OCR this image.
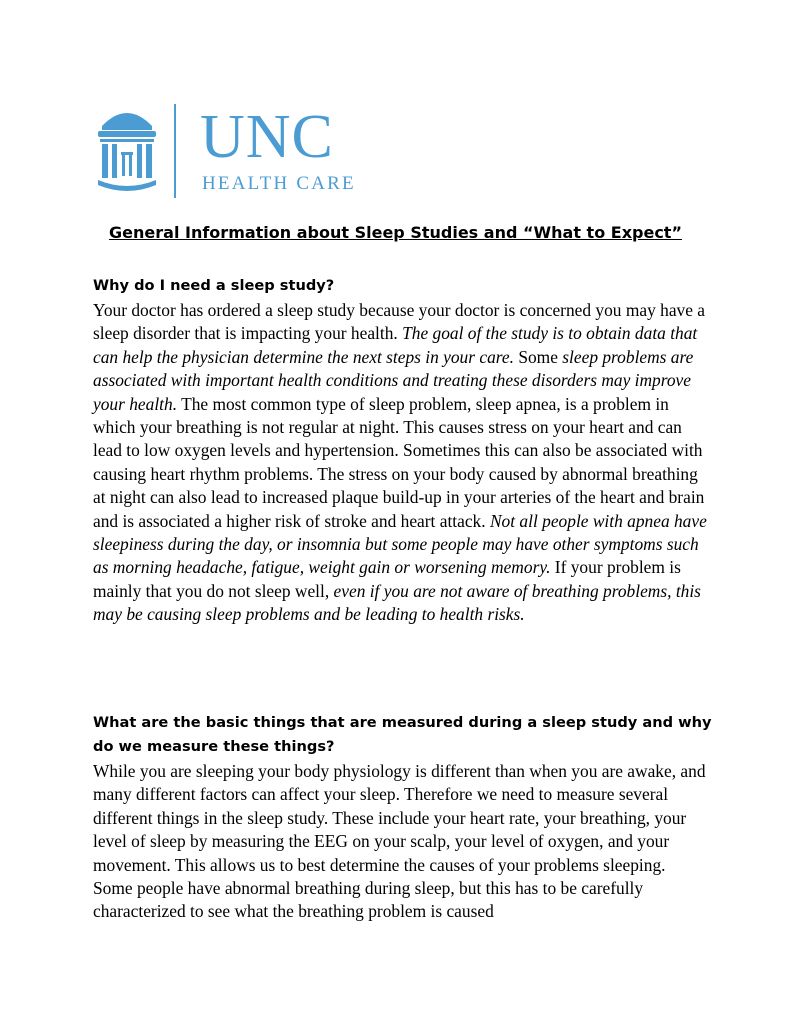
UNC
HEALTH CARE
General Information about Sleep Studies and “What to Expect”
Why do I need a sleep study?

Your doctor has ordered a sleep study because your doctor is concerned you may have a sleep disorder that is impacting your health. The goal of the study is to obtain data that can help the physician determine the next steps in your care. Some sleep problems are associated with important health conditions and treating these disorders may improve your health. The most common type of sleep problem, sleep apnea, is a problem in which your breathing is not regular at night. This causes stress on your heart and can lead to low oxygen levels and hypertension. Sometimes this can also be associated with causing heart rhythm problems. The stress on your body caused by abnormal breathing at night can also lead to increased plaque build-up in your arteries of the heart and brain and is associated a higher risk of stroke and heart attack. Not all people with apnea have sleepiness during the day, or insomnia but some people may have other symptoms such as morning headache, fatigue, weight gain or worsening memory. If your problem is mainly that you do not sleep well, even if you are not aware of breathing problems, this may be causing sleep problems and be leading to health risks.

What are the basic things that are measured during a sleep study and why do we measure these things?

While you are sleeping your body physiology is different than when you are awake, and many different factors can affect your sleep. Therefore we need to measure several different things in the sleep study. These include your heart rate, your breathing, your level of sleep by measuring the EEG on your scalp, your level of oxygen, and your movement. This allows us to best determine the causes of your problems sleeping. Some people have abnormal breathing during sleep, but this has to be carefully characterized to see what the breathing problem is caused
